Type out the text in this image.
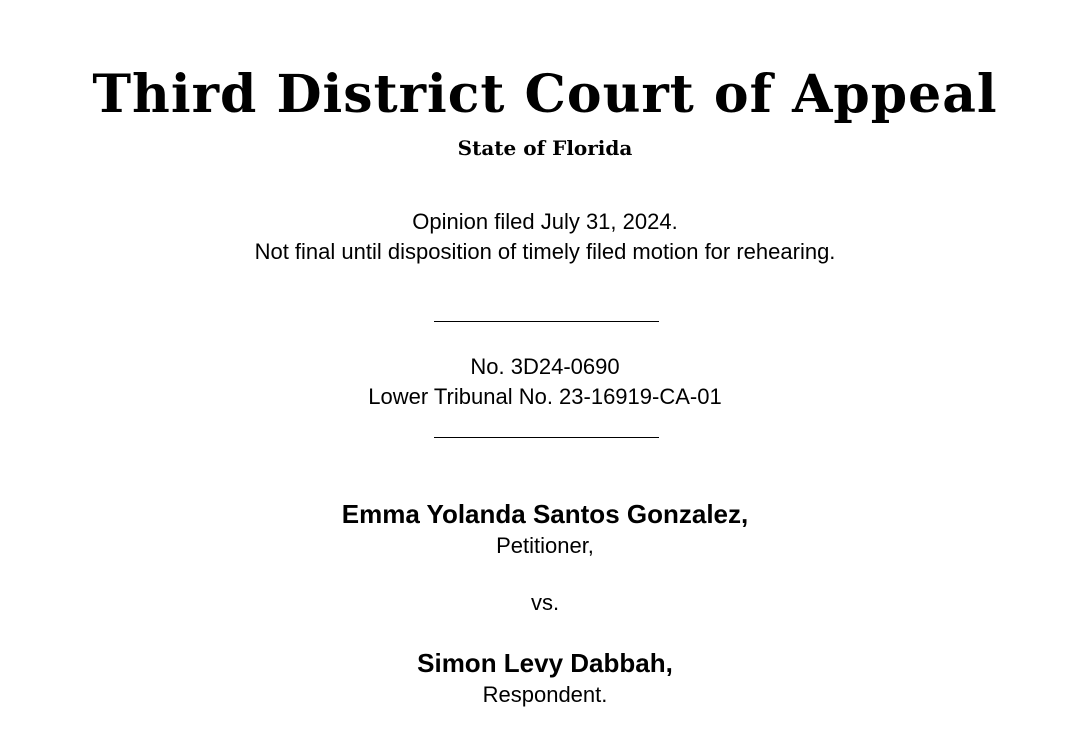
Third District Court of Appeal
State of Florida
Opinion filed July 31, 2024.
Not final until disposition of timely filed motion for rehearing.
No. 3D24-0690
Lower Tribunal No. 23-16919-CA-01
Emma Yolanda Santos Gonzalez,
Petitioner,
vs.
Simon Levy Dabbah,
Respondent.
